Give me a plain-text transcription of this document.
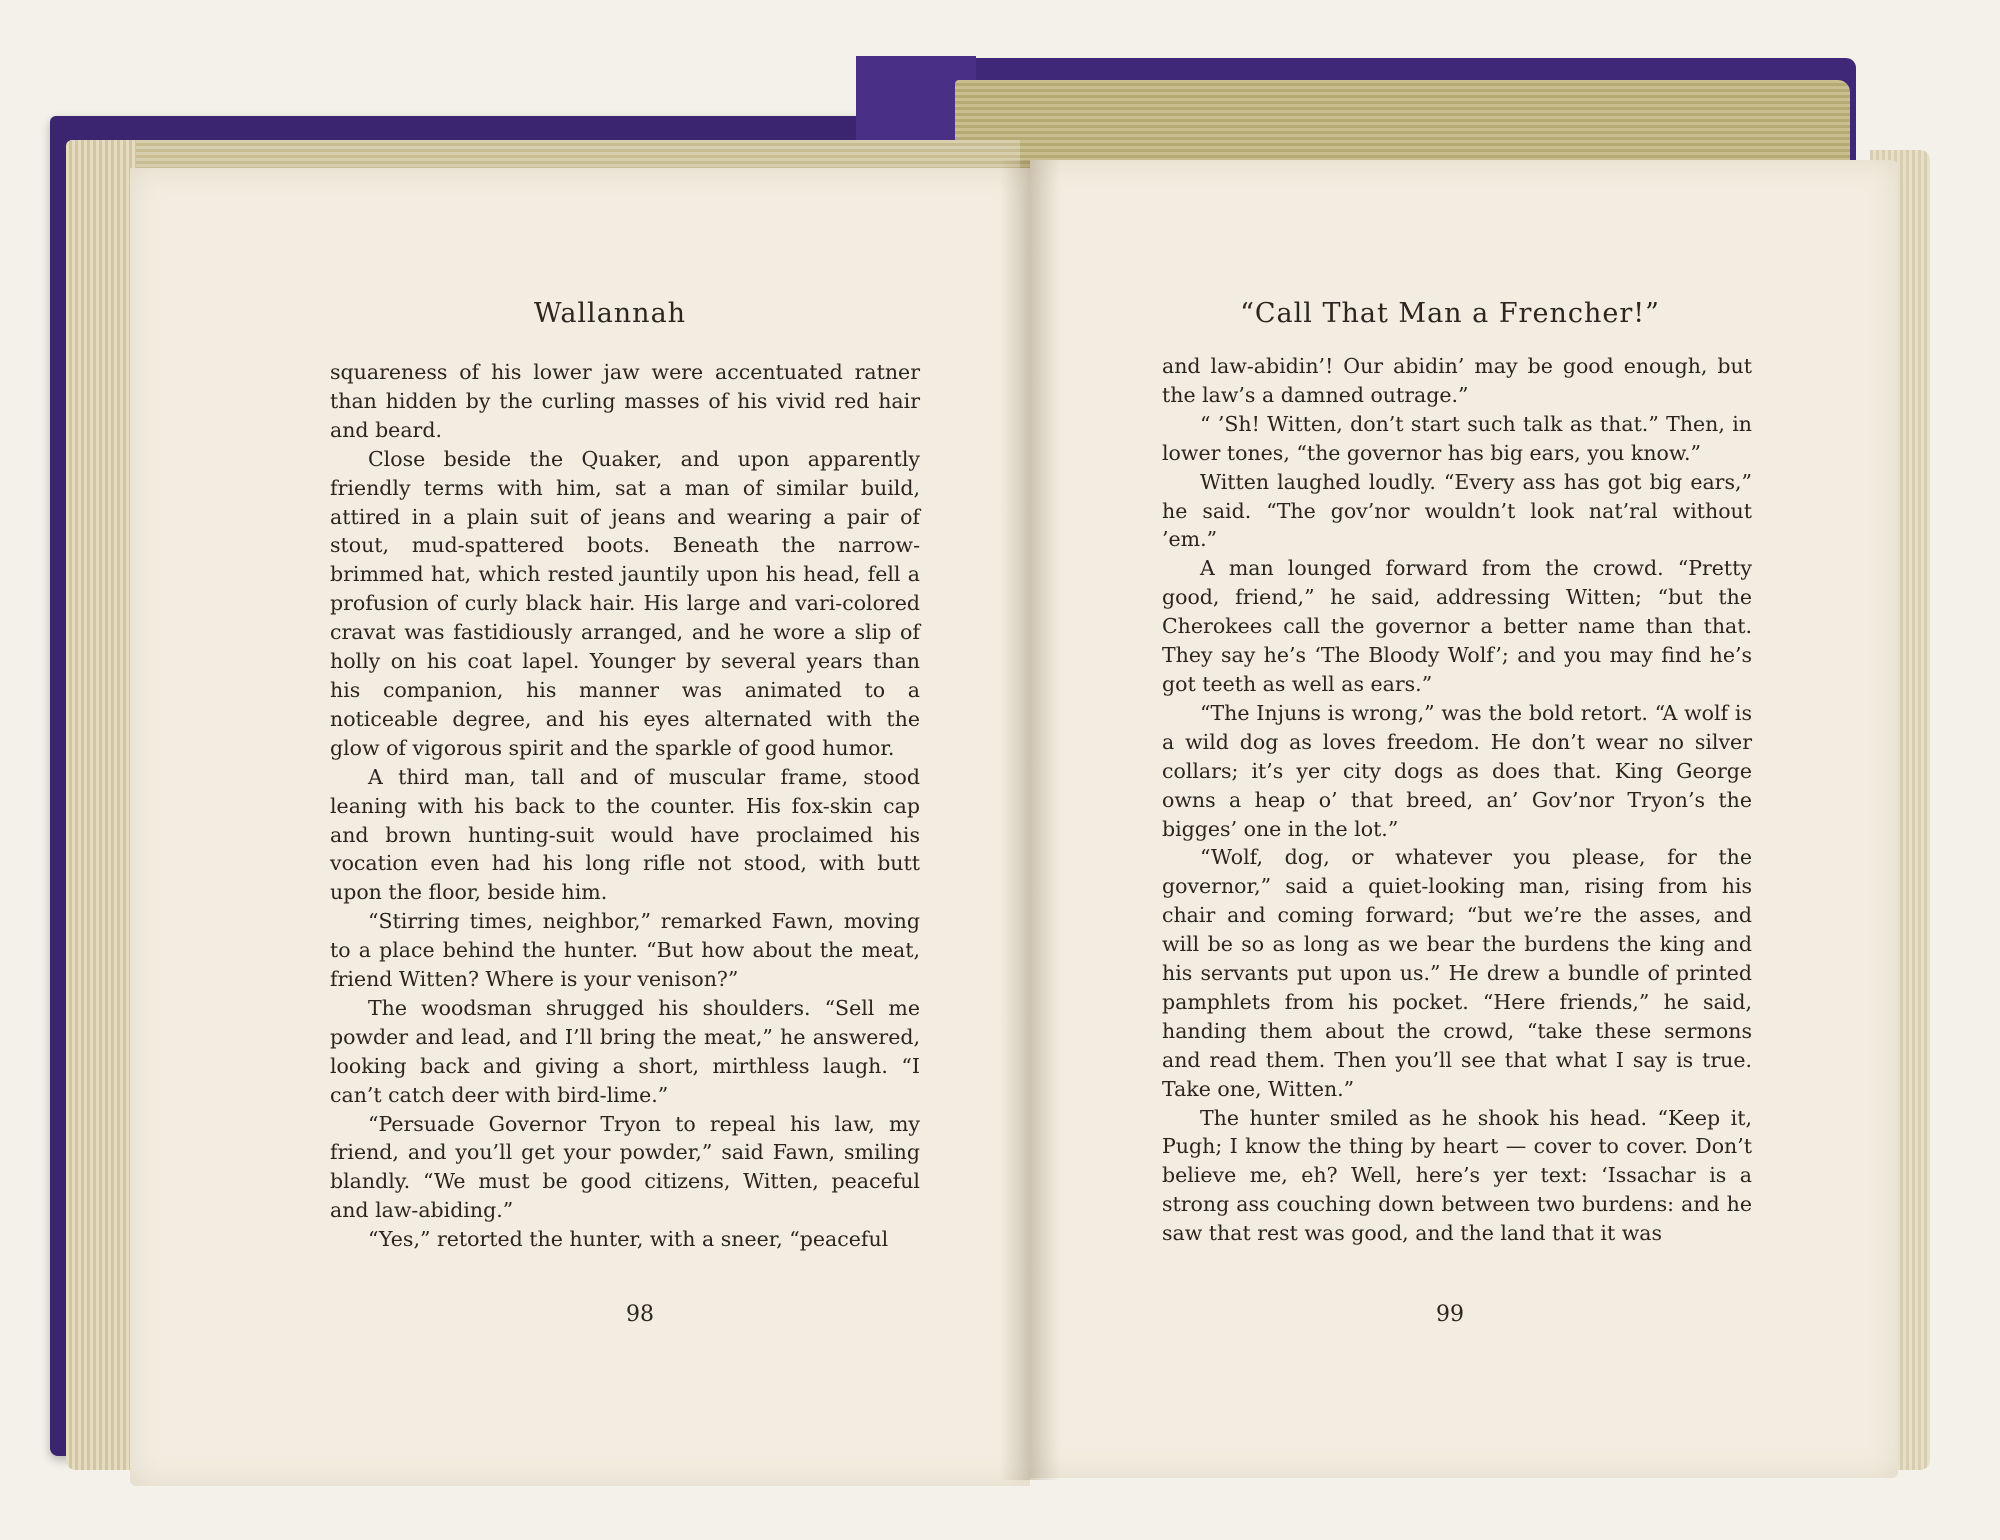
Wallannah	“Call That Man a Frencher!”

squareness of his lower jaw were accentuated ratner than hidden by the curling masses of his vivid red hair and beard.

Close beside the Quaker, and upon apparently friendly terms with him, sat a man of similar build, attired in a plain suit of jeans and wearing a pair of stout, mud-spattered boots. Beneath the narrow-brimmed hat, which rested jauntily upon his head, fell a profusion of curly black hair. His large and vari-colored cravat was fastidiously arranged, and he wore a slip of holly on his coat lapel. Younger by several years than his companion, his manner was animated to a noticeable degree, and his eyes alternated with the glow of vigorous spirit and the sparkle of good humor.

A third man, tall and of muscular frame, stood leaning with his back to the counter. His fox-skin cap and brown hunting-suit would have proclaimed his vocation even had his long rifle not stood, with butt upon the floor, beside him.

“Stirring times, neighbor,” remarked Fawn, moving to a place behind the hunter. “But how about the meat, friend Witten? Where is your venison?”

The woodsman shrugged his shoulders. “Sell me powder and lead, and I’ll bring the meat,” he answered, looking back and giving a short, mirthless laugh. “I can’t catch deer with bird-lime.”

“Persuade Governor Tryon to repeal his law, my friend, and you’ll get your powder,” said Fawn, smiling blandly. “We must be good citizens, Witten, peaceful and law-abiding.”

“Yes,” retorted the hunter, with a sneer, “peaceful

and law-abidin’! Our abidin’ may be good enough, but the law’s a damned outrage.”

“ ’Sh! Witten, don’t start such talk as that.” Then, in lower tones, “the governor has big ears, you know.”

Witten laughed loudly. “Every ass has got big ears,” he said. “The gov’nor wouldn’t look nat’ral without ’em.”

A man lounged forward from the crowd. “Pretty good, friend,” he said, addressing Witten; “but the Cherokees call the governor a better name than that. They say he’s ‘The Bloody Wolf’; and you may find he’s got teeth as well as ears.”

“The Injuns is wrong,” was the bold retort. “A wolf is a wild dog as loves freedom. He don’t wear no silver collars; it’s yer city dogs as does that. King George owns a heap o’ that breed, an’ Gov’nor Tryon’s the bigges’ one in the lot.”

“Wolf, dog, or whatever you please, for the governor,” said a quiet-looking man, rising from his chair and coming forward; “but we’re the asses, and will be so as long as we bear the burdens the king and his servants put upon us.” He drew a bundle of printed pamphlets from his pocket. “Here friends,” he said, handing them about the crowd, “take these sermons and read them. Then you’ll see that what I say is true. Take one, Witten.”

The hunter smiled as he shook his head. “Keep it, Pugh; I know the thing by heart — cover to cover. Don’t believe me, eh? Well, here’s yer text: ‘Issachar is a strong ass couching down between two burdens: and he saw that rest was good, and the land that it was

98	99
